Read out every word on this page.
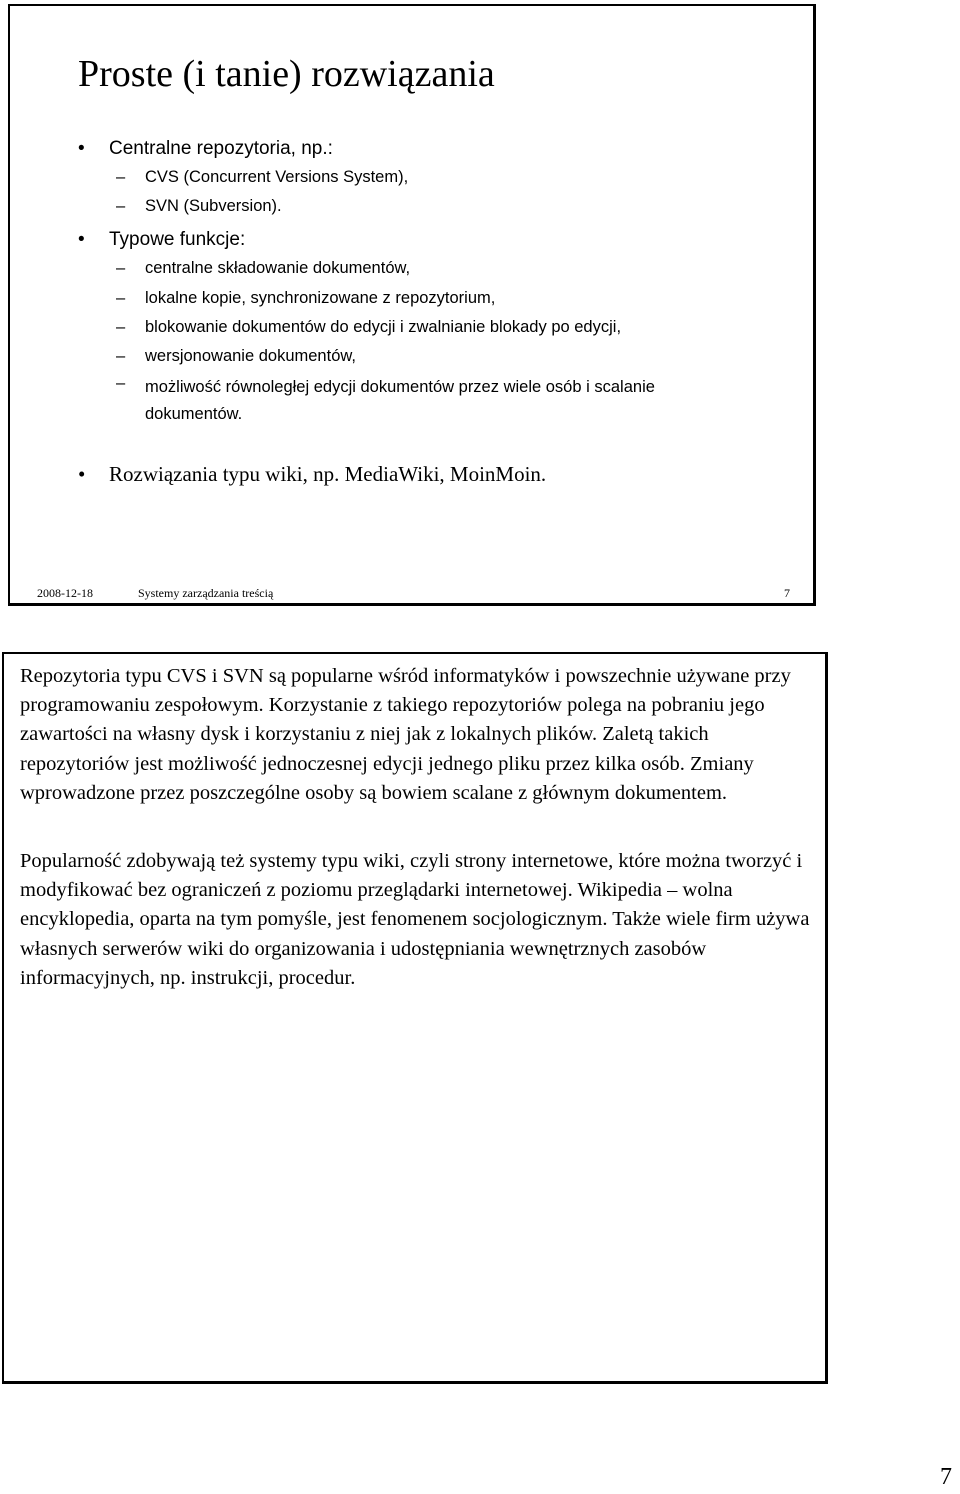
Proste (i tanie) rozwiązania
• Centralne repozytoria, np.:
– CVS (Concurrent Versions System),
– SVN (Subversion).
• Typowe funkcje:
– centralne składowanie dokumentów,
– lokalne kopie, synchronizowane z repozytorium,
– blokowanie dokumentów do edycji i zwalnianie blokady po edycji,
– wersjonowanie dokumentów,
– możliwość równoległej edycji dokumentów przez wiele osób i scalanie dokumentów.
• Rozwiązania typu wiki, np. MediaWiki, MoinMoin.
2008-12-18	Systemy zarządzania treścią	7

Repozytoria typu CVS i SVN są popularne wśród informatyków i powszechnie używane przy programowaniu zespołowym. Korzystanie z takiego repozytoriów polega na pobraniu jego zawartości na własny dysk i korzystaniu z niej jak z lokalnych plików. Zaletą takich repozytoriów jest możliwość jednoczesnej edycji jednego pliku przez kilka osób. Zmiany wprowadzone przez poszczególne osoby są bowiem scalane z głównym dokumentem.

Popularność zdobywają też systemy typu wiki, czyli strony internetowe, które można tworzyć i modyfikować bez ograniczeń z poziomu przeglądarki internetowej. Wikipedia – wolna encyklopedia, oparta na tym pomyśle, jest fenomenem socjologicznym. Także wiele firm używa własnych serwerów wiki do organizowania i udostępniania wewnętrznych zasobów informacyjnych, np. instrukcji, procedur.

7
